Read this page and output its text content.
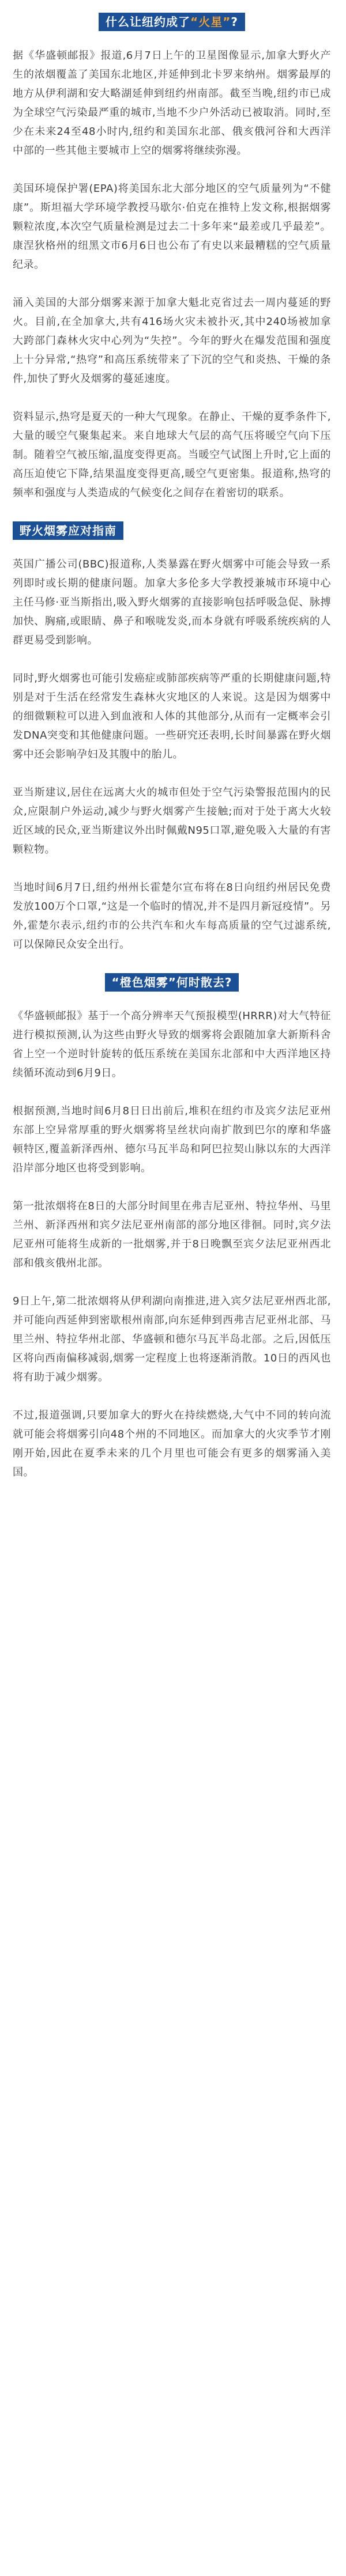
什么让纽约成了“火星”?

据《华盛顿邮报》报道,6月7日上午的卫星图像显示,加拿大野火产生的浓烟覆盖了美国东北地区,并延伸到北卡罗来纳州。烟雾最厚的地方从伊利湖和安大略湖延伸到纽约州南部。截至当晚,纽约市已成为全球空气污染最严重的城市,当地不少户外活动已被取消。同时,至少在未来24至48小时内,纽约和美国东北部、俄亥俄河谷和大西洋中部的一些其他主要城市上空的烟雾将继续弥漫。

美国环境保护署(EPA)将美国东北大部分地区的空气质量列为“不健康”。斯坦福大学环境学教授马歇尔·伯克在推特上发文称,根据烟雾颗粒浓度,本次空气质量检测是过去二十多年来“最差或几乎最差”。康涅狄格州的纽黑文市6月6日也公布了有史以来最糟糕的空气质量纪录。

涌入美国的大部分烟雾来源于加拿大魁北克省过去一周内蔓延的野火。目前,在全加拿大,共有416场火灾未被扑灭,其中240场被加拿大跨部门森林火灾中心列为“失控”。今年的野火在爆发范围和强度上十分异常,“热穹”和高压系统带来了下沉的空气和炎热、干燥的条件,加快了野火及烟雾的蔓延速度。

资料显示,热穹是夏天的一种大气现象。在静止、干燥的夏季条件下,大量的暖空气聚集起来。来自地球大气层的高气压将暖空气向下压制。随着空气被压缩,温度变得更高。当暖空气试图上升时,它上面的高压迫使它下降,结果温度变得更高,暖空气更密集。报道称,热穹的频率和强度与人类造成的气候变化之间存在着密切的联系。

野火烟雾应对指南

英国广播公司(BBC)报道称,人类暴露在野火烟雾中可能会导致一系列即时或长期的健康问题。加拿大多伦多大学教授兼城市环境中心主任马修·亚当斯指出,吸入野火烟雾的直接影响包括呼吸急促、脉搏加快、胸痛,或眼睛、鼻子和喉咙发炎,而本身就有呼吸系统疾病的人群更易受到影响。

同时,野火烟雾也可能引发癌症或肺部疾病等严重的长期健康问题,特别是对于生活在经常发生森林火灾地区的人来说。这是因为烟雾中的细微颗粒可以进入到血液和人体的其他部分,从而有一定概率会引发DNA突变和其他健康问题。一些研究还表明,长时间暴露在野火烟雾中还会影响孕妇及其腹中的胎儿。

亚当斯建议,居住在远离大火的城市但处于空气污染警报范围内的民众,应限制户外运动,减少与野火烟雾产生接触;而对于处于离大火较近区域的民众,亚当斯建议外出时佩戴N95口罩,避免吸入大量的有害颗粒物。

当地时间6月7日,纽约州州长霍楚尔宣布将在8日向纽约州居民免费发放100万个口罩,“这是一个临时的情况,并不是四月新冠疫情”。另外,霍楚尔表示,纽约市的公共汽车和火车每高质量的空气过滤系统,可以保障民众安全出行。

“橙色烟雾”何时散去?

《华盛顿邮报》基于一个高分辨率天气预报模型(HRRR)对大气特征进行模拟预测,认为这些由野火导致的烟雾将会跟随加拿大新斯科舍省上空一个逆时针旋转的低压系统在美国东北部和中大西洋地区持续循环流动到6月9日。

根据预测,当地时间6月8日日出前后,堆积在纽约市及宾夕法尼亚州东部上空异常厚重的野火烟雾将呈丝状向南扩散到巴尔的摩和华盛顿特区,覆盖新泽西州、德尔马瓦半岛和阿巴拉契山脉以东的大西洋沿岸部分地区也将受到影响。

第一批浓烟将在8日的大部分时间里在弗吉尼亚州、特拉华州、马里兰州、新泽西州和宾夕法尼亚州南部的部分地区徘徊。同时,宾夕法尼亚州可能将生成新的一批烟雾,并于8日晚飘至宾夕法尼亚州西北部和俄亥俄州北部。

9日上午,第二批浓烟将从伊利湖向南推进,进入宾夕法尼亚州西北部,并可能向西延伸到密歇根州南部,向东延伸到西弗吉尼亚州北部、马里兰州、特拉华州北部、华盛顿和德尔马瓦半岛北部。之后,因低压区将向西南偏移减弱,烟雾一定程度上也将逐渐消散。10日的西风也将有助于减少烟雾。

不过,报道强调,只要加拿大的野火在持续燃烧,大气中不同的转向流就可能会将烟雾引向48个州的不同地区。而加拿大的火灾季节才刚刚开始,因此在夏季未来的几个月里也可能会有更多的烟雾涌入美国。
